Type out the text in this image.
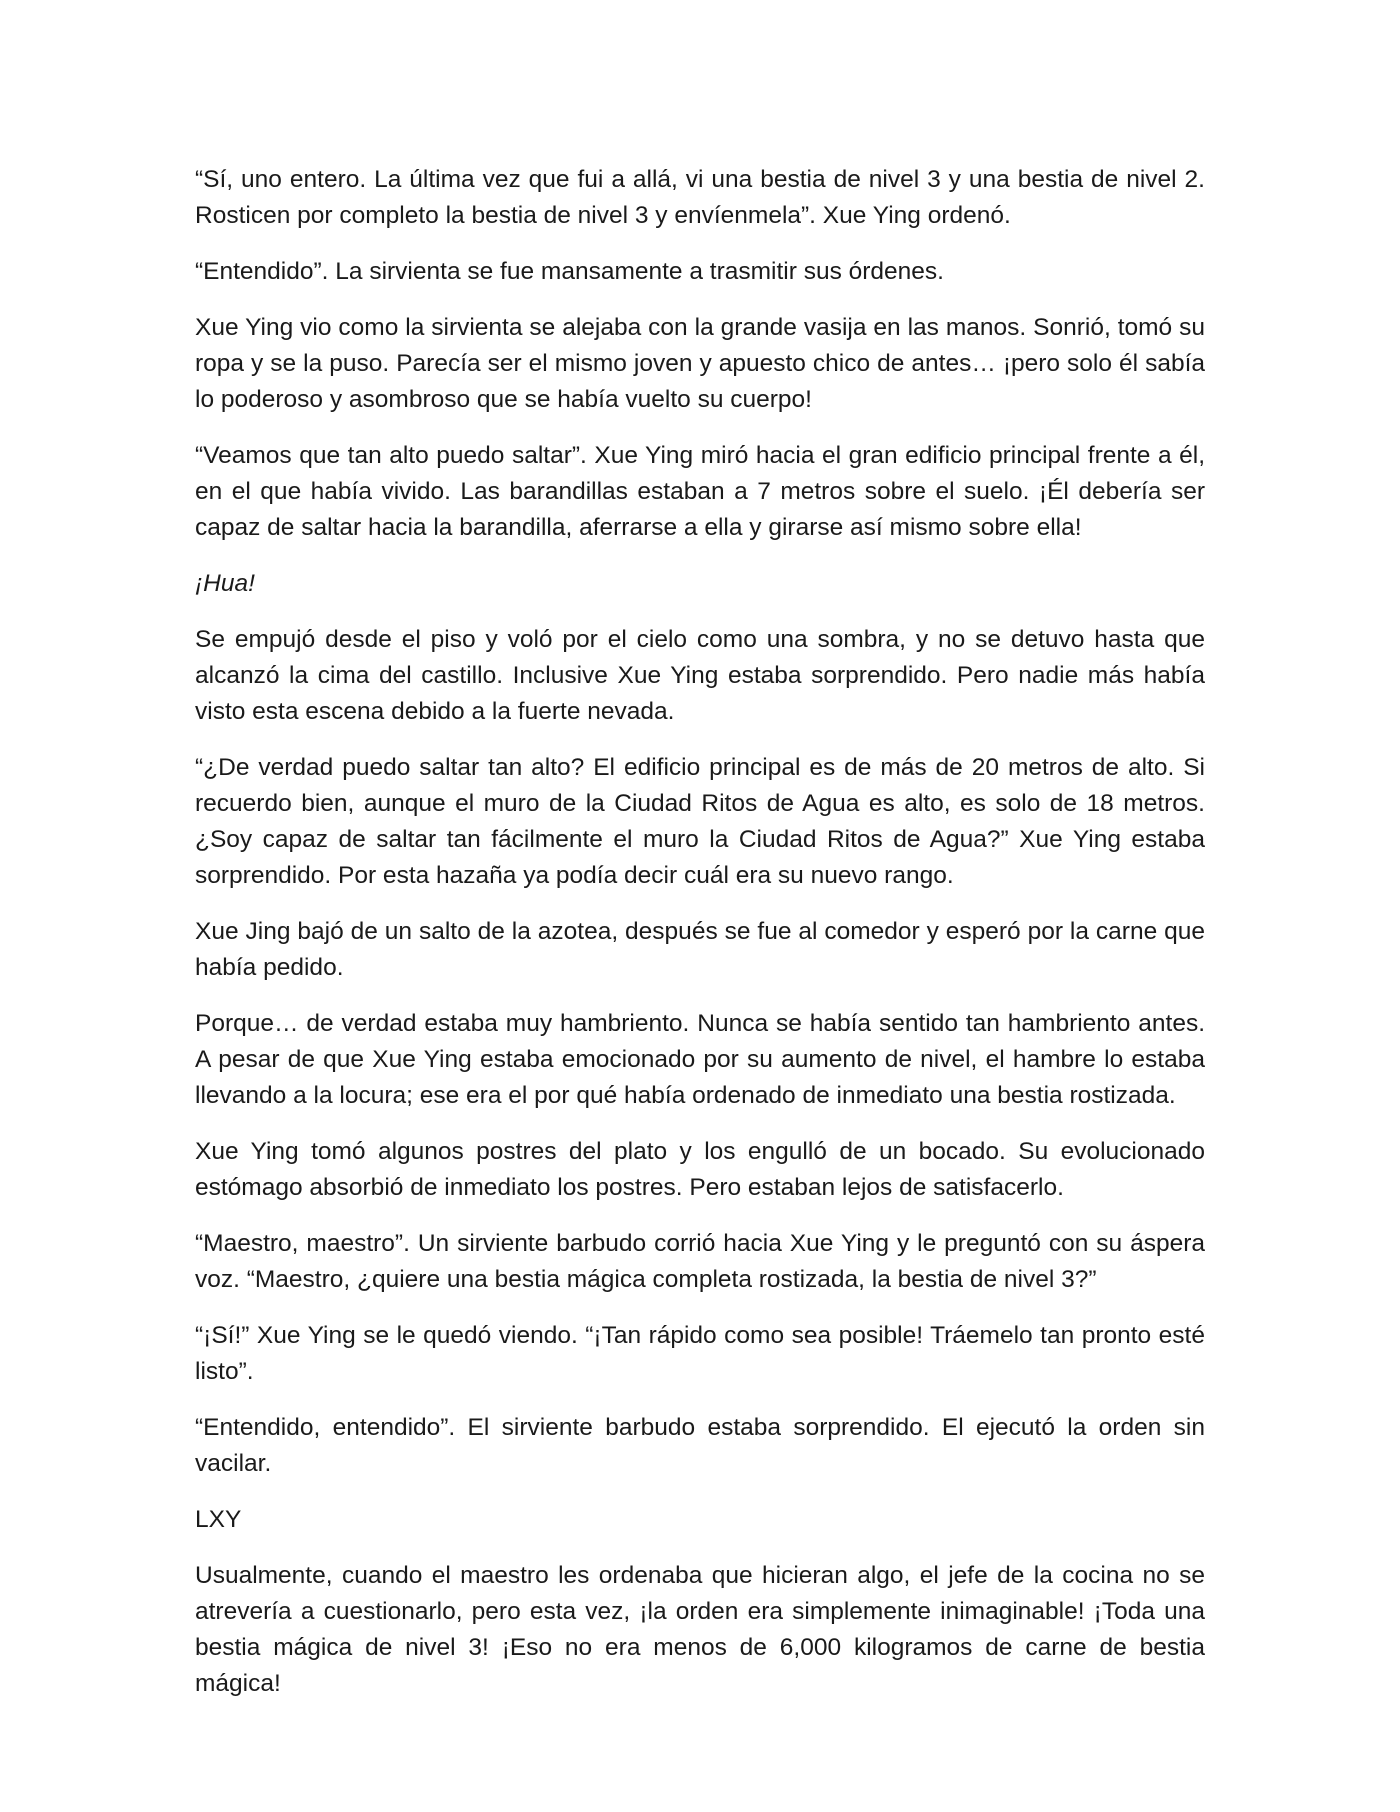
“Sí, uno entero. La última vez que fui a allá, vi una bestia de nivel 3 y una bestia de nivel 2. Rosticen por completo la bestia de nivel 3 y envíenmela”. Xue Ying ordenó.

“Entendido”. La sirvienta se fue mansamente a trasmitir sus órdenes.

Xue Ying vio como la sirvienta se alejaba con la grande vasija en las manos. Sonrió, tomó su ropa y se la puso. Parecía ser el mismo joven y apuesto chico de antes… ¡pero solo él sabía lo poderoso y asombroso que se había vuelto su cuerpo!

“Veamos que tan alto puedo saltar”. Xue Ying miró hacia el gran edificio principal frente a él, en el que había vivido. Las barandillas estaban a 7 metros sobre el suelo. ¡Él debería ser capaz de saltar hacia la barandilla, aferrarse a ella y girarse así mismo sobre ella!

¡Hua!

Se empujó desde el piso y voló por el cielo como una sombra, y no se detuvo hasta que alcanzó la cima del castillo. Inclusive Xue Ying estaba sorprendido. Pero nadie más había visto esta escena debido a la fuerte nevada.

“¿De verdad puedo saltar tan alto? El edificio principal es de más de 20 metros de alto. Si recuerdo bien, aunque el muro de la Ciudad Ritos de Agua es alto, es solo de 18 metros. ¿Soy capaz de saltar tan fácilmente el muro la Ciudad Ritos de Agua?” Xue Ying estaba sorprendido. Por esta hazaña ya podía decir cuál era su nuevo rango.

Xue Jing bajó de un salto de la azotea, después se fue al comedor y esperó por la carne que había pedido.

Porque… de verdad estaba muy hambriento. Nunca se había sentido tan hambriento antes. A pesar de que Xue Ying estaba emocionado por su aumento de nivel, el hambre lo estaba llevando a la locura; ese era el por qué había ordenado de inmediato una bestia rostizada.

Xue Ying tomó algunos postres del plato y los engulló de un bocado. Su evolucionado estómago absorbió de inmediato los postres. Pero estaban lejos de satisfacerlo.

“Maestro, maestro”. Un sirviente barbudo corrió hacia Xue Ying y le preguntó con su áspera voz. “Maestro, ¿quiere una bestia mágica completa rostizada, la bestia de nivel 3?”

“¡Sí!” Xue Ying se le quedó viendo. “¡Tan rápido como sea posible! Tráemelo tan pronto esté listo”.

“Entendido, entendido”. El sirviente barbudo estaba sorprendido. El ejecutó la orden sin vacilar.

LXY

Usualmente, cuando el maestro les ordenaba que hicieran algo, el jefe de la cocina no se atrevería a cuestionarlo, pero esta vez, ¡la orden era simplemente inimaginable! ¡Toda una bestia mágica de nivel 3! ¡Eso no era menos de 6,000 kilogramos de carne de bestia mágica!
